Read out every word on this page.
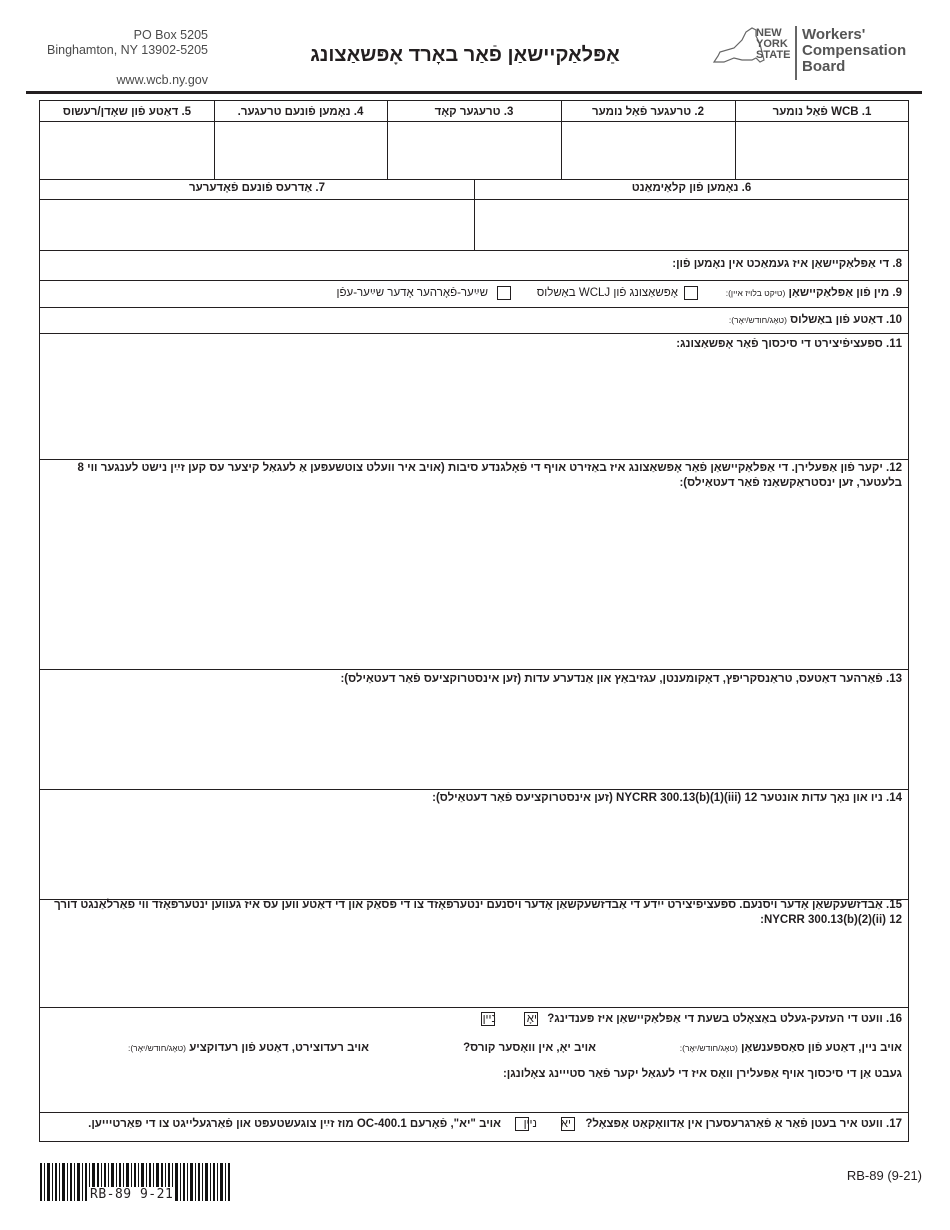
PO Box 5205
Binghamton, NY 13902-5205
www.wcb.ny.gov
אַפּלאַקיישאַן פֿאַר באָרד אָפּשאַצונג
NEW
YORK
STATE
Workers'
Compensation
Board
5. דאַטע פֿון שאָדן/רעשוס	4. נאָמען פֿונעם טרעגער.	3. טרעגער קאָד	2. טרעגער פֿאַל נומער	1. WCB פֿאַל נומער
7. אַדרעס פֿונעם פֿאָדערער	6. נאָמען פֿון קלאַימאַנט
8. די אַפּלאַקיישאַן איז געמאַכט אין נאָמען פֿון:
9. מין פֿון אַפּלאַקיישאַן (טיקט בלויז איין):
אָפּשאַצונג פֿון WCLJ באַשלוס
שײַער-פֿאָרהער אָדער שײַער-עפֿן
10. דאַטע פֿון באַשלוס (טאָג/חודש/יאָר):
11. ספּעציפֿיצירט די סיכסוך פֿאַר אָפּשאַצונג:
12. יקער פֿון אַפּעלירן. די אַפּלאַקיישאַן פֿאַר אָפּשאַצונג איז באַזירט אויף די פֿאָלגנדע סיבות (אויב איר וועלט צוטשעפּען אַ לעגאַל קיצער עס קען זײַן נישט לענגער ווי 8
בלעטער, זען ינסטראַקשאַנז פֿאַר דעטאַילס):
13. פֿאַרהער דאַטעס, טראַנסקריפּץ, דאָקומענטן, עגזיבאַץ און אַנדערע עדות (זען אינסטרוקציעס פֿאַר דעטאַילס):
14. ניו און נאָך עדות אונטער 12 NYCRR 300.13(b)(1)(iii) (זען אינסטרוקציעס פֿאַר דעטאַילס):
15. אַבדזשעקשאַן אָדער ויסנעם. ספּעציפֿיצירט ייִדע די אַבדזשעקשאַן אָדער ויסנעם ינטערפּאָזד צו די פּסאַק און די דאַטע ווען עס איז געווען ינטערפּאָזד ווי פֿאַרלאַנגט דורך
12 NYCRR 300.13(b)(2)(ii):
16. וועט די העזעק-געלט באַצאָלט בשעת די אַפּלאַקיישאַן איז פּענדינג?
יאָ
ניין
אויב ניין, דאַטע פֿון סאַספּענשאַן (טאָג/חודש/יאָר):
אויב יאָ, אין וואָסער קורס?
אויב רעדוצירט, דאַטע פֿון רעדוקציע (טאָג/חודש/יאָר):
געבט אַן די סיכסוך אויף אַפּעלירן וואָס איז די לעגאַל יקער פֿאַר סטייינג צאָלונגן:
17. וועט איר בעטן פֿאַר אַ פֿאַרגרעסערן אין אַדוואָקאַט אָפּצאָל?
יא
ניין
אויב "יא", פֿאָרעם OC-400.1 מוז זײַן צוגעשטעפּט און פֿאַרגעלייגט צו די פּאַרטיייען.
RB-89 9-21
RB-89 (9-21)
